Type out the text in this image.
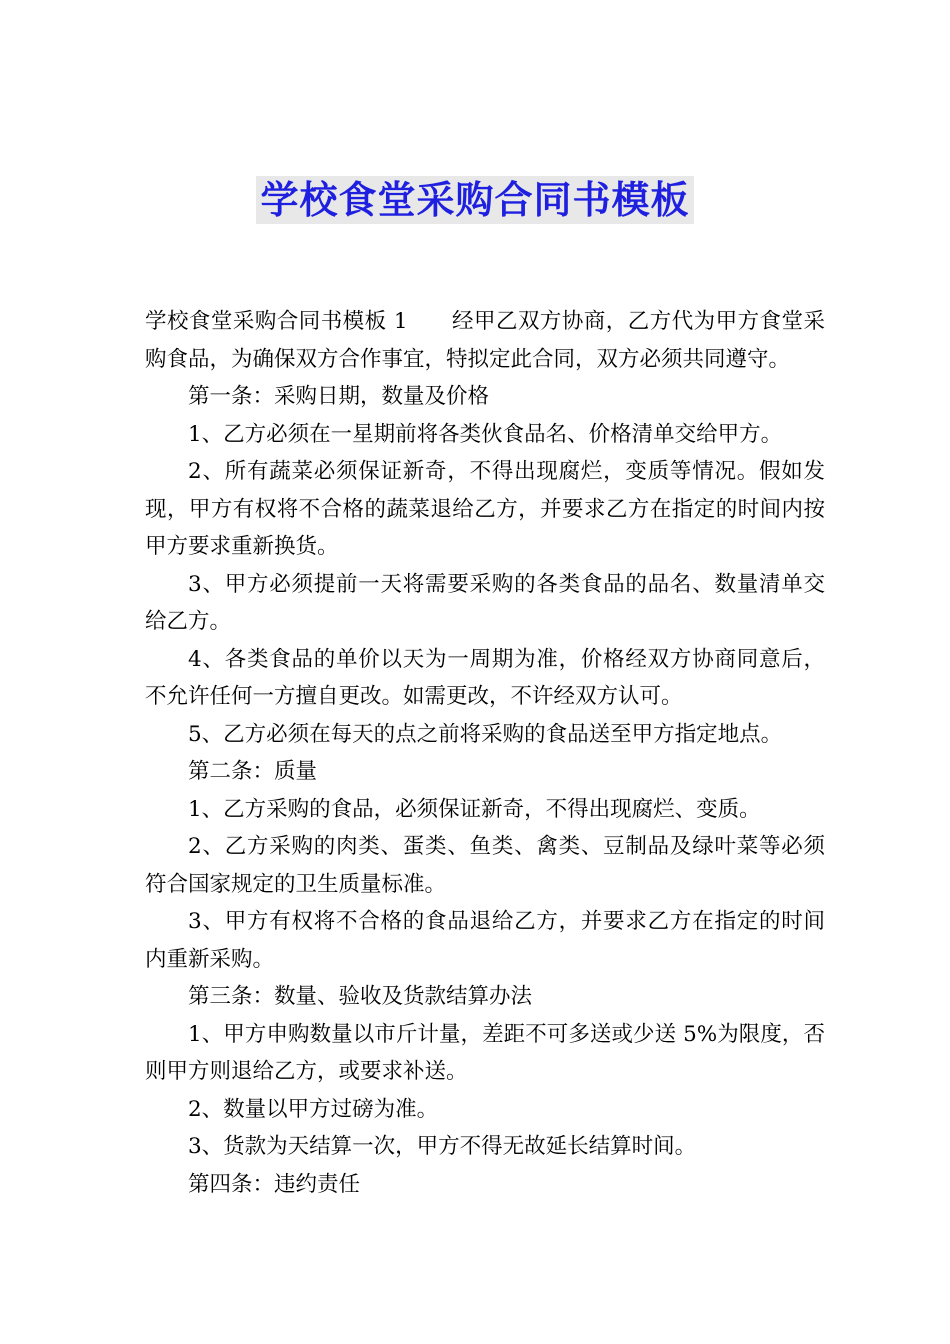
学校食堂采购合同书模板

学校食堂采购合同书模板 1 经甲乙双方协商，乙方代为甲方食堂采购食品，为确保双方合作事宜，特拟定此合同，双方必须共同遵守。

第一条：采购日期，数量及价格

1、乙方必须在一星期前将各类伙食品名、价格清单交给甲方。

2、所有蔬菜必须保证新奇，不得出现腐烂，变质等情况。假如发现，甲方有权将不合格的蔬菜退给乙方，并要求乙方在指定的时间内按甲方要求重新换货。

3、甲方必须提前一天将需要采购的各类食品的品名、数量清单交给乙方。

4、各类食品的单价以天为一周期为准，价格经双方协商同意后，不允许任何一方擅自更改。如需更改，不许经双方认可。

5、乙方必须在每天的点之前将采购的食品送至甲方指定地点。

第二条：质量

1、乙方采购的食品，必须保证新奇，不得出现腐烂、变质。

2、乙方采购的肉类、蛋类、鱼类、禽类、豆制品及绿叶菜等必须符合国家规定的卫生质量标准。

3、甲方有权将不合格的食品退给乙方，并要求乙方在指定的时间内重新采购。

第三条：数量、验收及货款结算办法

1、甲方申购数量以市斤计量，差距不可多送或少送 5%为限度，否则甲方则退给乙方，或要求补送。

2、数量以甲方过磅为准。

3、货款为天结算一次，甲方不得无故延长结算时间。

第四条：违约责任
